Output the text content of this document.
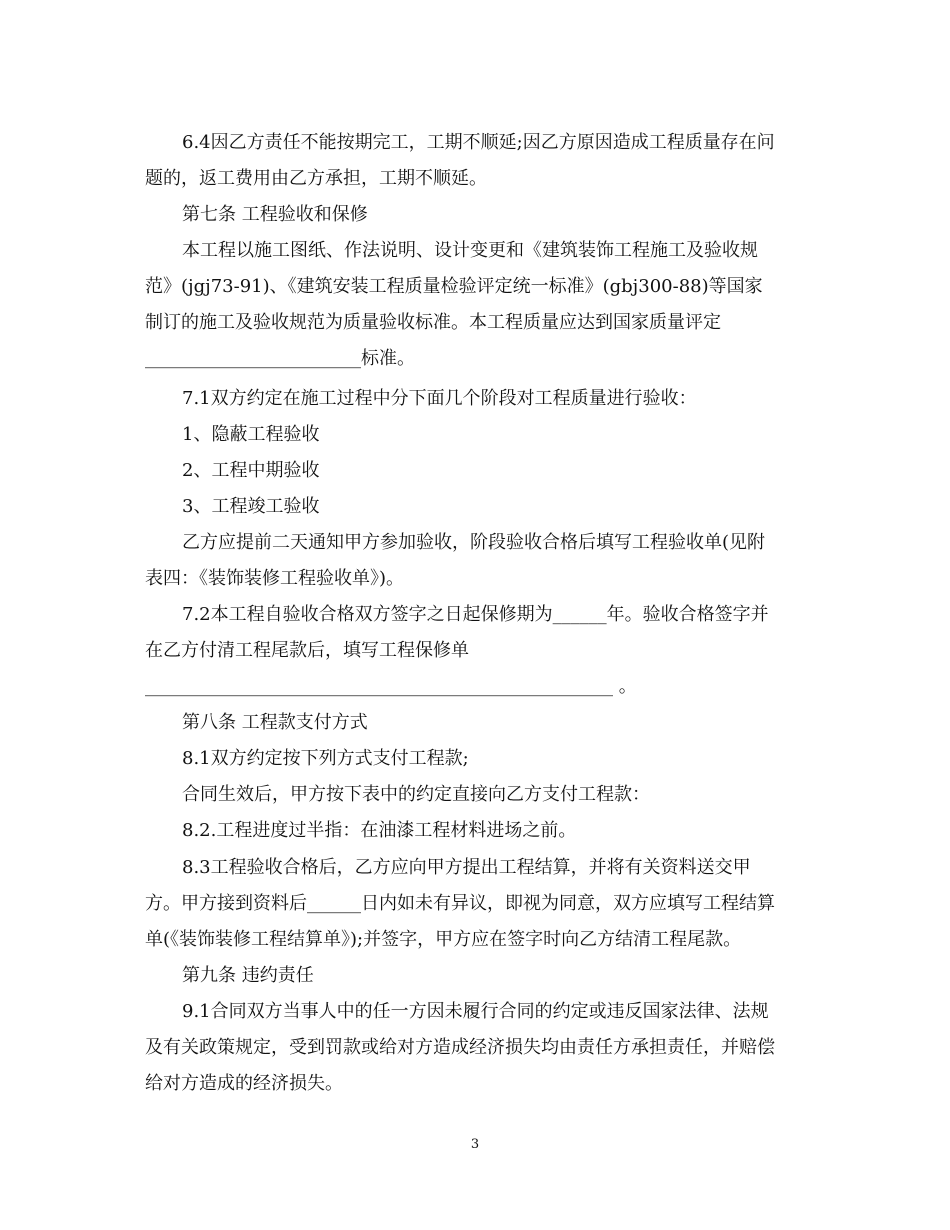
6.4因乙方责任不能按期完工，工期不顺延;因乙方原因造成工程质量存在问
题的，返工费用由乙方承担，工期不顺延。
第七条 工程验收和保修
本工程以施工图纸、作法说明、设计变更和《建筑装饰工程施工及验收规
范》(jgj73-91)、《建筑安装工程质量检验评定统一标准》(gbj300-88)等国家
制订的施工及验收规范为质量验收标准。本工程质量应达到国家质量评定
________________________标准。
7.1双方约定在施工过程中分下面几个阶段对工程质量进行验收：
1、隐蔽工程验收
2、工程中期验收
3、工程竣工验收
乙方应提前二天通知甲方参加验收，阶段验收合格后填写工程验收单(见附
表四：《装饰装修工程验收单》)。
7.2本工程自验收合格双方签字之日起保修期为______年。验收合格签字并
在乙方付清工程尾款后，填写工程保修单
____________________________________________________ 。
第八条 工程款支付方式
8.1双方约定按下列方式支付工程款;
合同生效后，甲方按下表中的约定直接向乙方支付工程款：
8.2.工程进度过半指：在油漆工程材料进场之前。
8.3工程验收合格后，乙方应向甲方提出工程结算，并将有关资料送交甲
方。甲方接到资料后______日内如未有异议，即视为同意，双方应填写工程结算
单(《装饰装修工程结算单》);并签字，甲方应在签字时向乙方结清工程尾款。
第九条 违约责任
9.1合同双方当事人中的任一方因未履行合同的约定或违反国家法律、法规
及有关政策规定，受到罚款或给对方造成经济损失均由责任方承担责任，并赔偿
给对方造成的经济损失。
3
